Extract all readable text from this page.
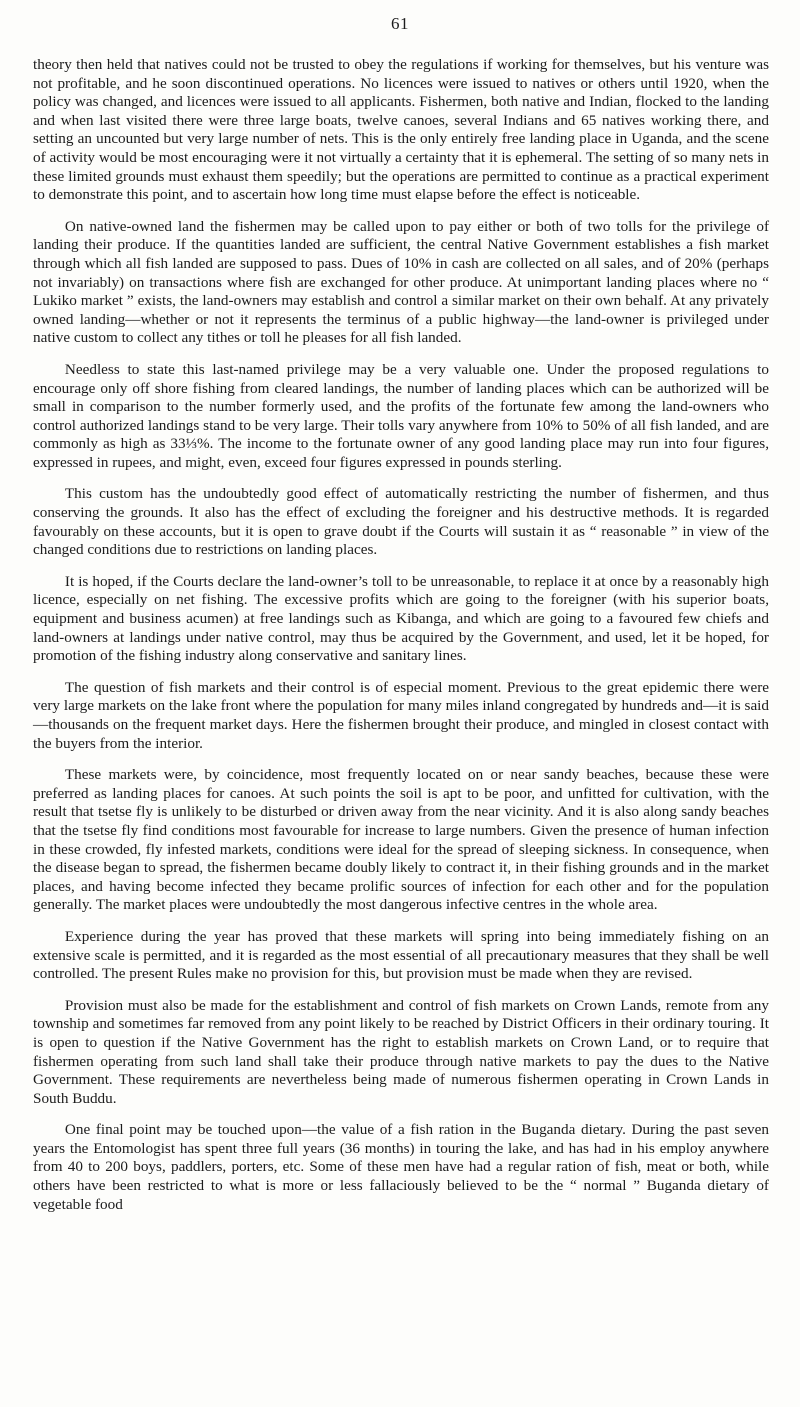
61

theory then held that natives could not be trusted to obey the regulations if working for themselves, but his venture was not profitable, and he soon discontinued operations. No licences were issued to natives or others until 1920, when the policy was changed, and licences were issued to all applicants. Fishermen, both native and Indian, flocked to the landing and when last visited there were three large boats, twelve canoes, several Indians and 65 natives working there, and setting an uncounted but very large number of nets. This is the only entirely free landing place in Uganda, and the scene of activity would be most encouraging were it not virtually a certainty that it is ephemeral. The setting of so many nets in these limited grounds must exhaust them speedily; but the operations are permitted to continue as a practical experiment to demonstrate this point, and to ascertain how long time must elapse before the effect is noticeable.

On native-owned land the fishermen may be called upon to pay either or both of two tolls for the privilege of landing their produce. If the quantities landed are sufficient, the central Native Government establishes a fish market through which all fish landed are supposed to pass. Dues of 10% in cash are collected on all sales, and of 20% (perhaps not invariably) on transactions where fish are exchanged for other produce. At unimportant landing places where no “ Lukiko market ” exists, the land-owners may establish and control a similar market on their own behalf. At any privately owned landing—whether or not it represents the terminus of a public highway—the land-owner is privileged under native custom to collect any tithes or toll he pleases for all fish landed.

Needless to state this last-named privilege may be a very valuable one. Under the proposed regulations to encourage only off shore fishing from cleared landings, the number of landing places which can be authorized will be small in comparison to the number formerly used, and the profits of the fortunate few among the land-owners who control authorized landings stand to be very large. Their tolls vary anywhere from 10% to 50% of all fish landed, and are commonly as high as 33⅓%. The income to the fortunate owner of any good landing place may run into four figures, expressed in rupees, and might, even, exceed four figures expressed in pounds sterling.

This custom has the undoubtedly good effect of automatically restricting the number of fishermen, and thus conserving the grounds. It also has the effect of excluding the foreigner and his destructive methods. It is regarded favourably on these accounts, but it is open to grave doubt if the Courts will sustain it as “ reasonable ” in view of the changed conditions due to restrictions on landing places.

It is hoped, if the Courts declare the land-owner’s toll to be unreasonable, to replace it at once by a reasonably high licence, especially on net fishing. The excessive profits which are going to the foreigner (with his superior boats, equipment and business acumen) at free landings such as Kibanga, and which are going to a favoured few chiefs and land-owners at landings under native control, may thus be acquired by the Government, and used, let it be hoped, for promotion of the fishing industry along conservative and sanitary lines.

The question of fish markets and their control is of especial moment. Previous to the great epidemic there were very large markets on the lake front where the population for many miles inland congregated by hundreds and—it is said—thousands on the frequent market days. Here the fishermen brought their produce, and mingled in closest contact with the buyers from the interior.

These markets were, by coincidence, most frequently located on or near sandy beaches, because these were preferred as landing places for canoes. At such points the soil is apt to be poor, and unfitted for cultivation, with the result that tsetse fly is unlikely to be disturbed or driven away from the near vicinity. And it is also along sandy beaches that the tsetse fly find conditions most favourable for increase to large numbers. Given the presence of human infection in these crowded, fly infested markets, conditions were ideal for the spread of sleeping sickness. In consequence, when the disease began to spread, the fishermen became doubly likely to contract it, in their fishing grounds and in the market places, and having become infected they became prolific sources of infection for each other and for the population generally. The market places were undoubtedly the most dangerous infective centres in the whole area.

Experience during the year has proved that these markets will spring into being immediately fishing on an extensive scale is permitted, and it is regarded as the most essential of all precautionary measures that they shall be well controlled. The present Rules make no provision for this, but provision must be made when they are revised.

Provision must also be made for the establishment and control of fish markets on Crown Lands, remote from any township and sometimes far removed from any point likely to be reached by District Officers in their ordinary touring. It is open to question if the Native Government has the right to establish markets on Crown Land, or to require that fishermen operating from such land shall take their produce through native markets to pay the dues to the Native Government. These requirements are nevertheless being made of numerous fishermen operating in Crown Lands in South Buddu.

One final point may be touched upon—the value of a fish ration in the Buganda dietary. During the past seven years the Entomologist has spent three full years (36 months) in touring the lake, and has had in his employ anywhere from 40 to 200 boys, paddlers, porters, etc. Some of these men have had a regular ration of fish, meat or both, while others have been restricted to what is more or less fallaciously believed to be the “ normal ” Buganda dietary of vegetable food
